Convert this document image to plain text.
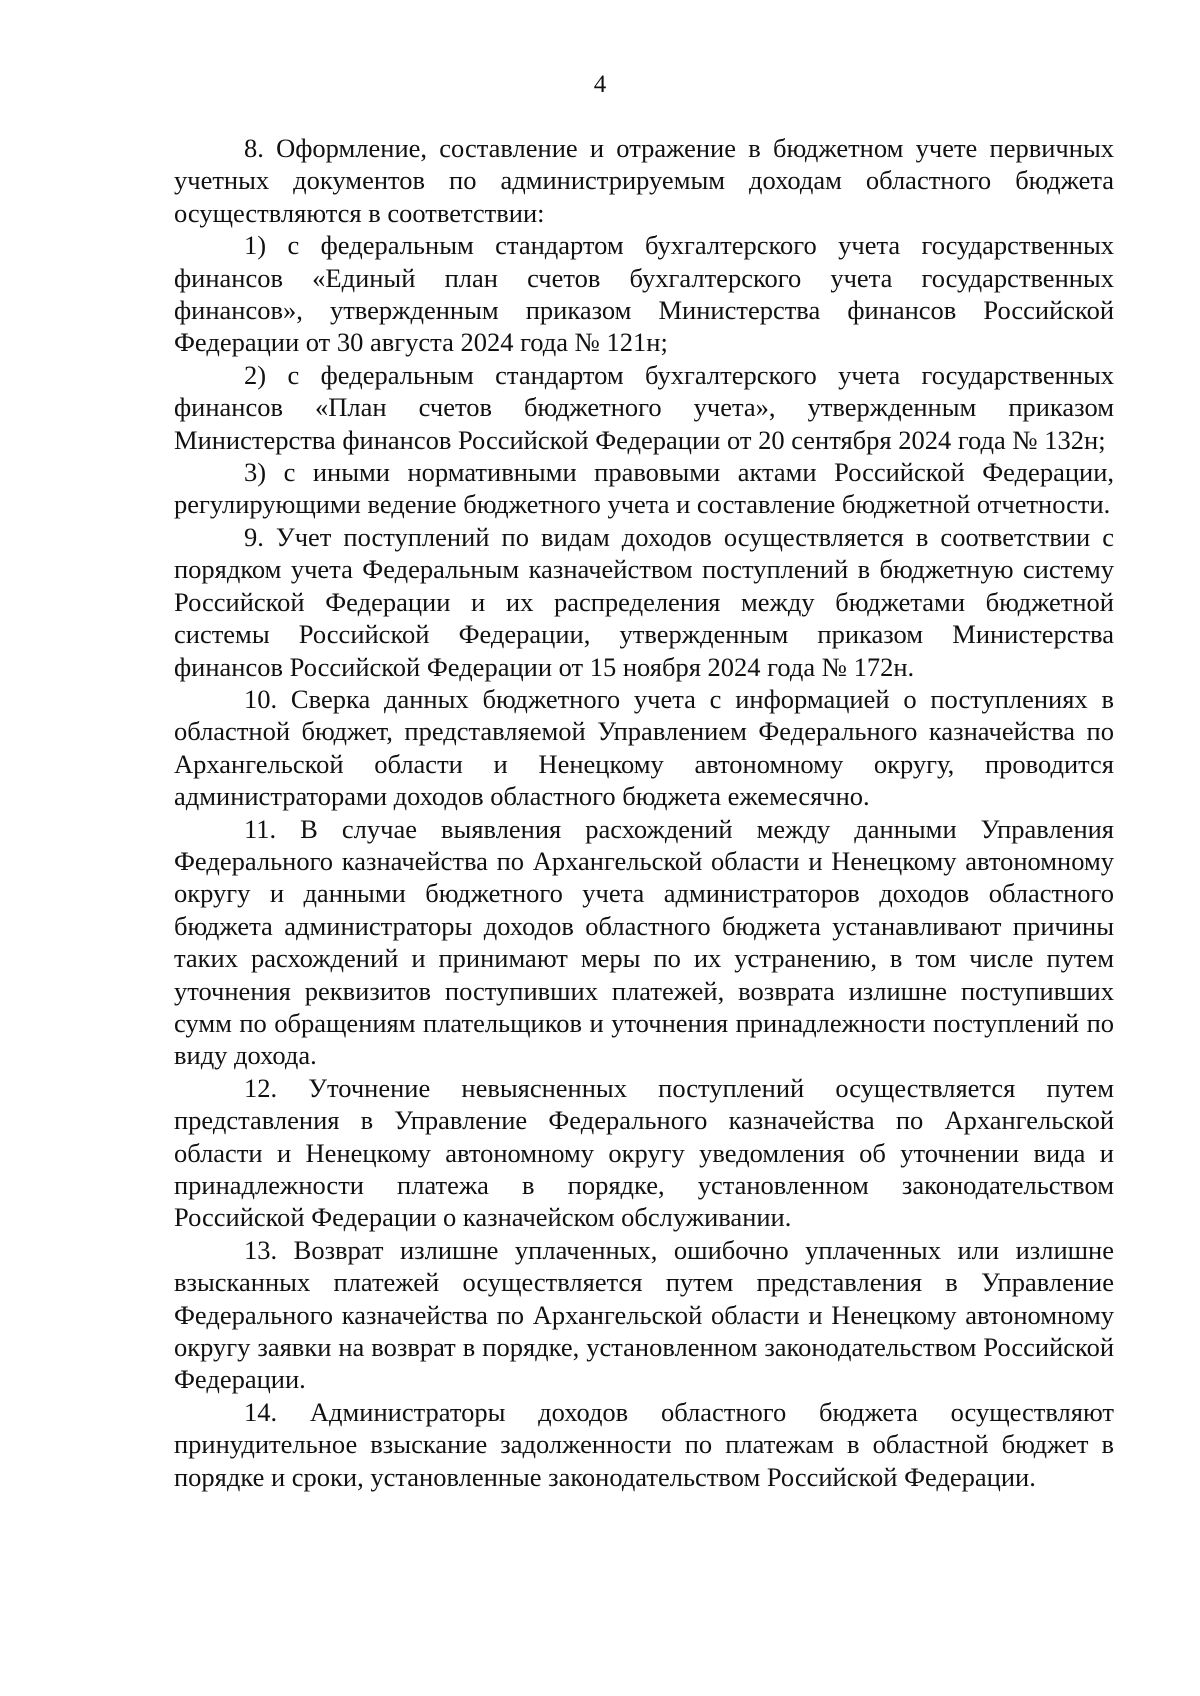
4

8. Оформление, составление и отражение в бюджетном учете первичных учетных документов по администрируемым доходам областного бюджета осуществляются в соответствии:

1) с федеральным стандартом бухгалтерского учета государственных финансов «Единый план счетов бухгалтерского учета государственных финансов», утвержденным приказом Министерства финансов Российской Федерации от 30 августа 2024 года № 121н;

2) с федеральным стандартом бухгалтерского учета государственных финансов «План счетов бюджетного учета», утвержденным приказом Министерства финансов Российской Федерации от 20 сентября 2024 года № 132н;

3) с иными нормативными правовыми актами Российской Федерации, регулирующими ведение бюджетного учета и составление бюджетной отчетности.

9. Учет поступлений по видам доходов осуществляется в соответствии с порядком учета Федеральным казначейством поступлений в бюджетную систему Российской Федерации и их распределения между бюджетами бюджетной системы Российской Федерации, утвержденным приказом Министерства финансов Российской Федерации от 15 ноября 2024 года № 172н.

10. Сверка данных бюджетного учета с информацией о поступлениях в областной бюджет, представляемой Управлением Федерального казначейства по Архангельской области и Ненецкому автономному округу, проводится администраторами доходов областного бюджета ежемесячно.

11. В случае выявления расхождений между данными Управления Федерального казначейства по Архангельской области и Ненецкому автономному округу и данными бюджетного учета администраторов доходов областного бюджета администраторы доходов областного бюджета устанавливают причины таких расхождений и принимают меры по их устранению, в том числе путем уточнения реквизитов поступивших платежей, возврата излишне поступивших сумм по обращениям плательщиков и уточнения принадлежности поступлений по виду дохода.

12. Уточнение невыясненных поступлений осуществляется путем представления в Управление Федерального казначейства по Архангельской области и Ненецкому автономному округу уведомления об уточнении вида и принадлежности платежа в порядке, установленном законодательством Российской Федерации о казначейском обслуживании.

13. Возврат излишне уплаченных, ошибочно уплаченных или излишне взысканных платежей осуществляется путем представления в Управление Федерального казначейства по Архангельской области и Ненецкому автономному округу заявки на возврат в порядке, установленном законодательством Российской Федерации.

14. Администраторы доходов областного бюджета осуществляют принудительное взыскание задолженности по платежам в областной бюджет в порядке и сроки, установленные законодательством Российской Федерации.
